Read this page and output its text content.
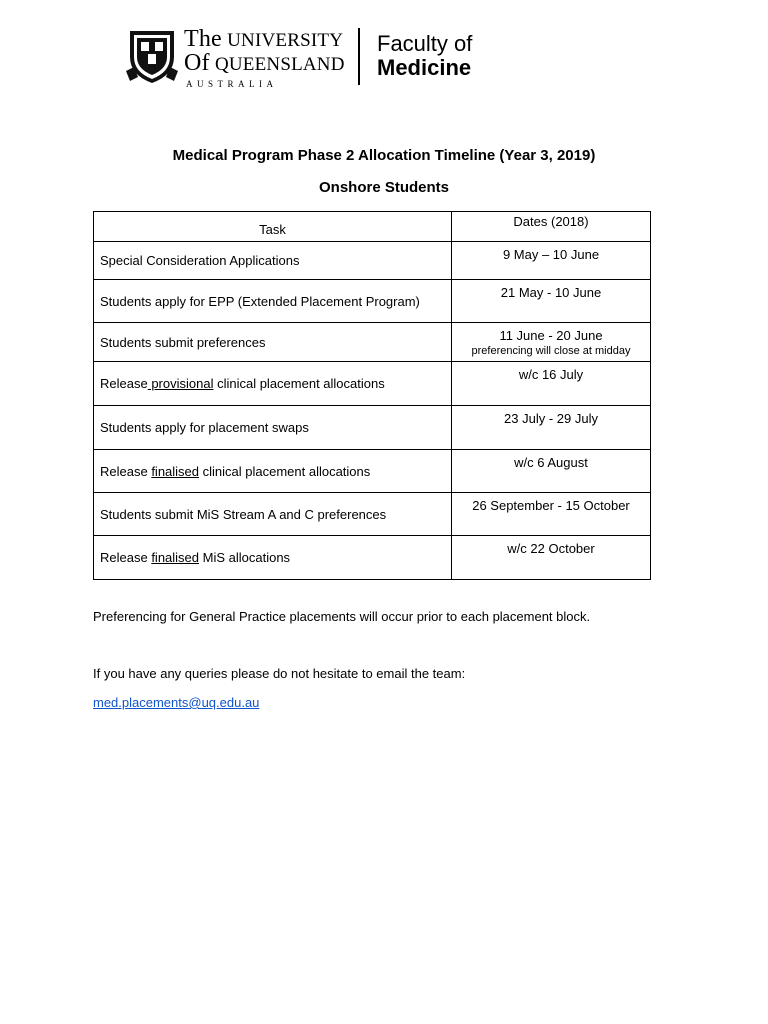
The UNIVERSITY
Of QUEENSLAND
AUSTRALIA
Faculty of
Medicine
Medical Program Phase 2 Allocation Timeline (Year 3, 2019)
Onshore Students
Task	Dates (2018)
Special Consideration Applications	9 May – 10 June
Students apply for EPP (Extended Placement Program)	21 May - 10 June
Students submit preferences	11 June - 20 June
preferencing will close at midday

Release provisional clinical placement allocations	w/c 16 July
Students apply for placement swaps	23 July - 29 July
Release finalised clinical placement allocations	w/c 6 August
Students submit MiS Stream A and C preferences	26 September - 15 October
Release finalised MiS allocations	w/c 22 October
Preferencing for General Practice placements will occur prior to each placement block.
If you have any queries please do not hesitate to email the team:
med.placements@uq.edu.au
